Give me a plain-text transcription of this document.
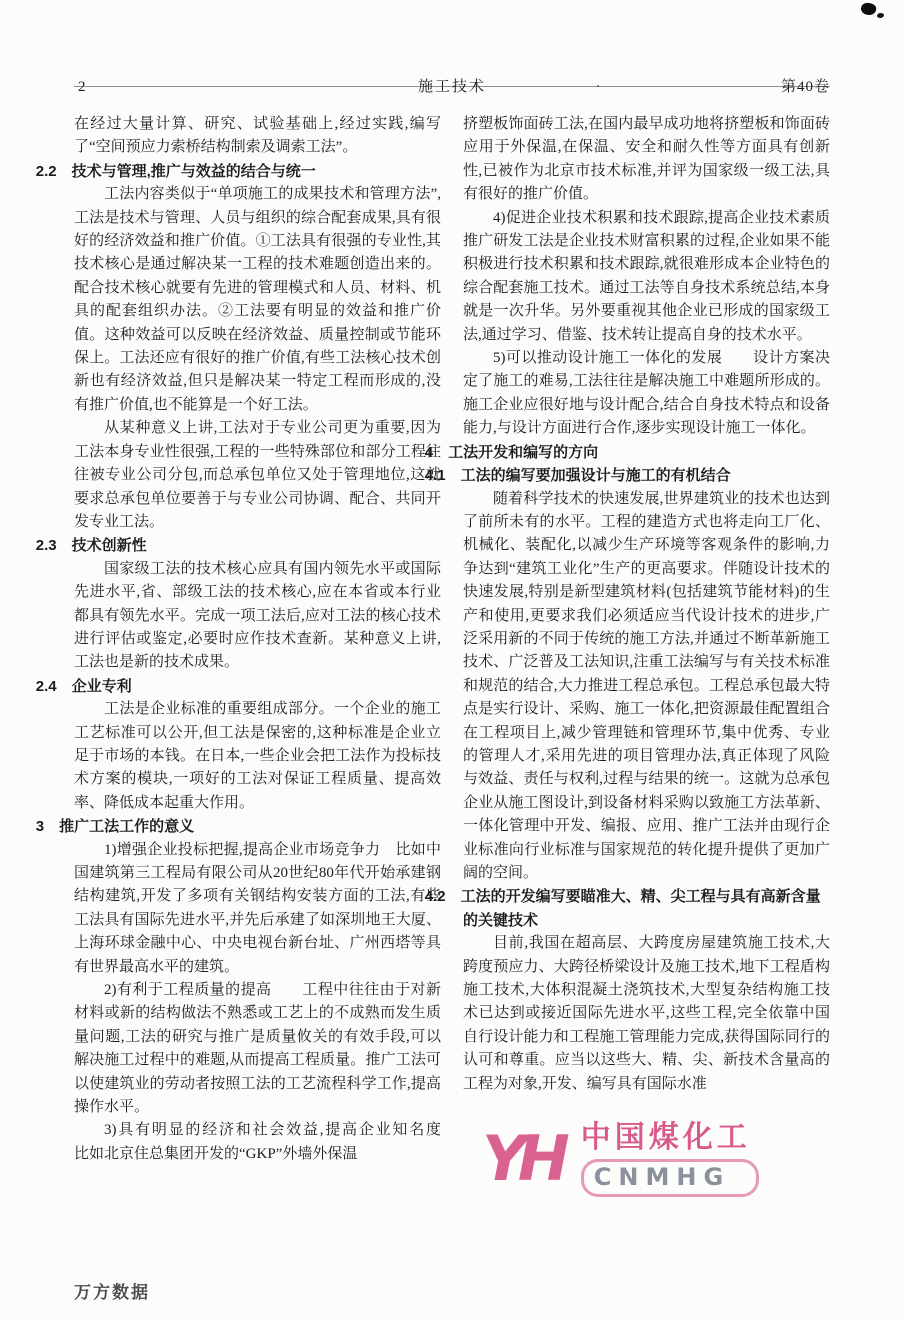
2	施工技术	·	第40卷

在经过大量计算、研究、试验基础上,经过实践,编写了“空间预应力索桥结构制索及调索工法”。

2.2　技术与管理,推广与效益的结合与统一

工法内容类似于“单项施工的成果技术和管理方法”,工法是技术与管理、人员与组织的综合配套成果,具有很好的经济效益和推广价值。①工法具有很强的专业性,其技术核心是通过解决某一工程的技术难题创造出来的。配合技术核心就要有先进的管理模式和人员、材料、机具的配套组织办法。②工法要有明显的效益和推广价值。这种效益可以反映在经济效益、质量控制或节能环保上。工法还应有很好的推广价值,有些工法核心技术创新也有经济效益,但只是解决某一特定工程而形成的,没有推广价值,也不能算是一个好工法。

从某种意义上讲,工法对于专业公司更为重要,因为工法本身专业性很强,工程的一些特殊部位和部分工程往往被专业公司分包,而总承包单位又处于管理地位,这就要求总承包单位要善于与专业公司协调、配合、共同开发专业工法。

2.3　技术创新性

国家级工法的技术核心应具有国内领先水平或国际先进水平,省、部级工法的技术核心,应在本省或本行业都具有领先水平。完成一项工法后,应对工法的核心技术进行评估或鉴定,必要时应作技术查新。某种意义上讲,工法也是新的技术成果。

2.4　企业专利

工法是企业标准的重要组成部分。一个企业的施工工艺标准可以公开,但工法是保密的,这种标准是企业立足于市场的本钱。在日本,一些企业会把工法作为投标技术方案的模块,一项好的工法对保证工程质量、提高效率、降低成本起重大作用。

3　推广工法工作的意义

1)增强企业投标把握,提高企业市场竞争力　比如中国建筑第三工程局有限公司从20世纪80年代开始承建钢结构建筑,开发了多项有关钢结构安装方面的工法,有些工法具有国际先进水平,并先后承建了如深圳地王大厦、上海环球金融中心、中央电视台新台址、广州西塔等具有世界最高水平的建筑。

2)有利于工程质量的提高　　工程中往往由于对新材料或新的结构做法不熟悉或工艺上的不成熟而发生质量问题,工法的研究与推广是质量攸关的有效手段,可以解决施工过程中的难题,从而提高工程质量。推广工法可以使建筑业的劳动者按照工法的工艺流程科学工作,提高操作水平。

3)具有明显的经济和社会效益,提高企业知名度　　比如北京住总集团开发的“GKP”外墙外保温

挤塑板饰面砖工法,在国内最早成功地将挤塑板和饰面砖应用于外保温,在保温、安全和耐久性等方面具有创新性,已被作为北京市技术标准,并评为国家级一级工法,具有很好的推广价值。

4)促进企业技术积累和技术跟踪,提高企业技术素质　　推广研发工法是企业技术财富积累的过程,企业如果不能积极进行技术积累和技术跟踪,就很难形成本企业特色的综合配套施工技术。通过工法等自身技术系统总结,本身就是一次升华。另外要重视其他企业已形成的国家级工法,通过学习、借鉴、技术转让提高自身的技术水平。

5)可以推动设计施工一体化的发展　　设计方案决定了施工的难易,工法往往是解决施工中难题所形成的。施工企业应很好地与设计配合,结合自身技术特点和设备能力,与设计方面进行合作,逐步实现设计施工一体化。

4　工法开发和编写的方向

4.1　工法的编写要加强设计与施工的有机结合

随着科学技术的快速发展,世界建筑业的技术也达到了前所未有的水平。工程的建造方式也将走向工厂化、机械化、装配化,以减少生产环境等客观条件的影响,力争达到“建筑工业化”生产的更高要求。伴随设计技术的快速发展,特别是新型建筑材料(包括建筑节能材料)的生产和使用,更要求我们必须适应当代设计技术的进步,广泛采用新的不同于传统的施工方法,并通过不断革新施工技术、广泛普及工法知识,注重工法编写与有关技术标准和规范的结合,大力推进工程总承包。工程总承包最大特点是实行设计、采购、施工一体化,把资源最佳配置组合在工程项目上,减少管理链和管理环节,集中优秀、专业的管理人才,采用先进的项目管理办法,真正体现了风险与效益、责任与权利,过程与结果的统一。这就为总承包企业从施工图设计,到设备材料采购以致施工方法革新、一体化管理中开发、编报、应用、推广工法并由现行企业标准向行业标准与国家规范的转化提升提供了更加广阔的空间。

4.2　工法的开发编写要瞄准大、精、尖工程与具有高新含量的关键技术

目前,我国在超高层、大跨度房屋建筑施工技术,大跨度预应力、大跨径桥梁设计及施工技术,地下工程盾构施工技术,大体积混凝土浇筑技术,大型复杂结构施工技术已达到或接近国际先进水平,这些工程,完全依靠中国自行设计能力和工程施工管理能力完成,获得国际同行的认可和尊重。应当以这些大、精、尖、新技术含量高的工程为对象,开发、编写具有国际水准

YH 中国煤化工
CNMHG
万方数据
